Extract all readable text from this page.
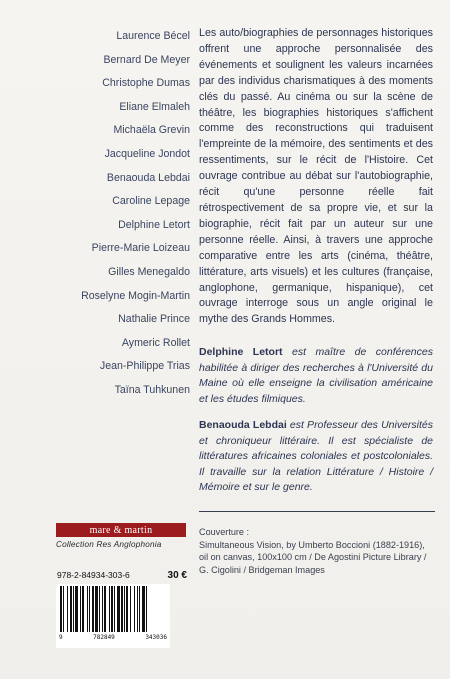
Laurence Bécel
Bernard De Meyer
Christophe Dumas
Eliane Elmaleh
Michaëla Grevin
Jacqueline Jondot
Benaouda Lebdai
Caroline Lepage
Delphine Letort
Pierre-Marie Loizeau
Gilles Menegaldo
Roselyne Mogin-Martin
Nathalie Prince
Aymeric Rollet
Jean-Philippe Trias
Taïna Tuhkunen

Les auto/biographies de personnages historiques offrent une approche personnalisée des événements et soulignent les valeurs incarnées par des individus charismatiques à des moments clés du passé. Au cinéma ou sur la scène de théâtre, les biographies historiques s'affichent comme des reconstructions qui traduisent l'empreinte de la mémoire, des sentiments et des ressentiments, sur le récit de l'Histoire. Cet ouvrage contribue au débat sur l'autobiographie, récit qu'une personne réelle fait rétrospectivement de sa propre vie, et sur la biographie, récit fait par un auteur sur une personne réelle. Ainsi, à travers une approche comparative entre les arts (cinéma, théâtre, littérature, arts visuels) et les cultures (française, anglophone, germanique, hispanique), cet ouvrage interroge sous un angle original le mythe des Grands Hommes.

Delphine Letort est maître de conférences habilitée à diriger des recherches à l'Université du Maine où elle enseigne la civilisation américaine et les études filmiques.

Benaouda Lebdai est Professeur des Universités et chroniqueur littéraire. Il est spécialiste de littératures africaines coloniales et postcoloniales. Il travaille sur la relation Littérature / Histoire / Mémoire et sur le genre.

Couverture :
Simultaneous Vision, by Umberto Boccioni (1882-1916), oil on canvas, 100x100 cm / De Agostini Picture Library / G. Cigolini / Bridgeman Images
mare & martin
Collection Res Anglophonia
978-2-84934-303-6	30 €
9	782849	343036
